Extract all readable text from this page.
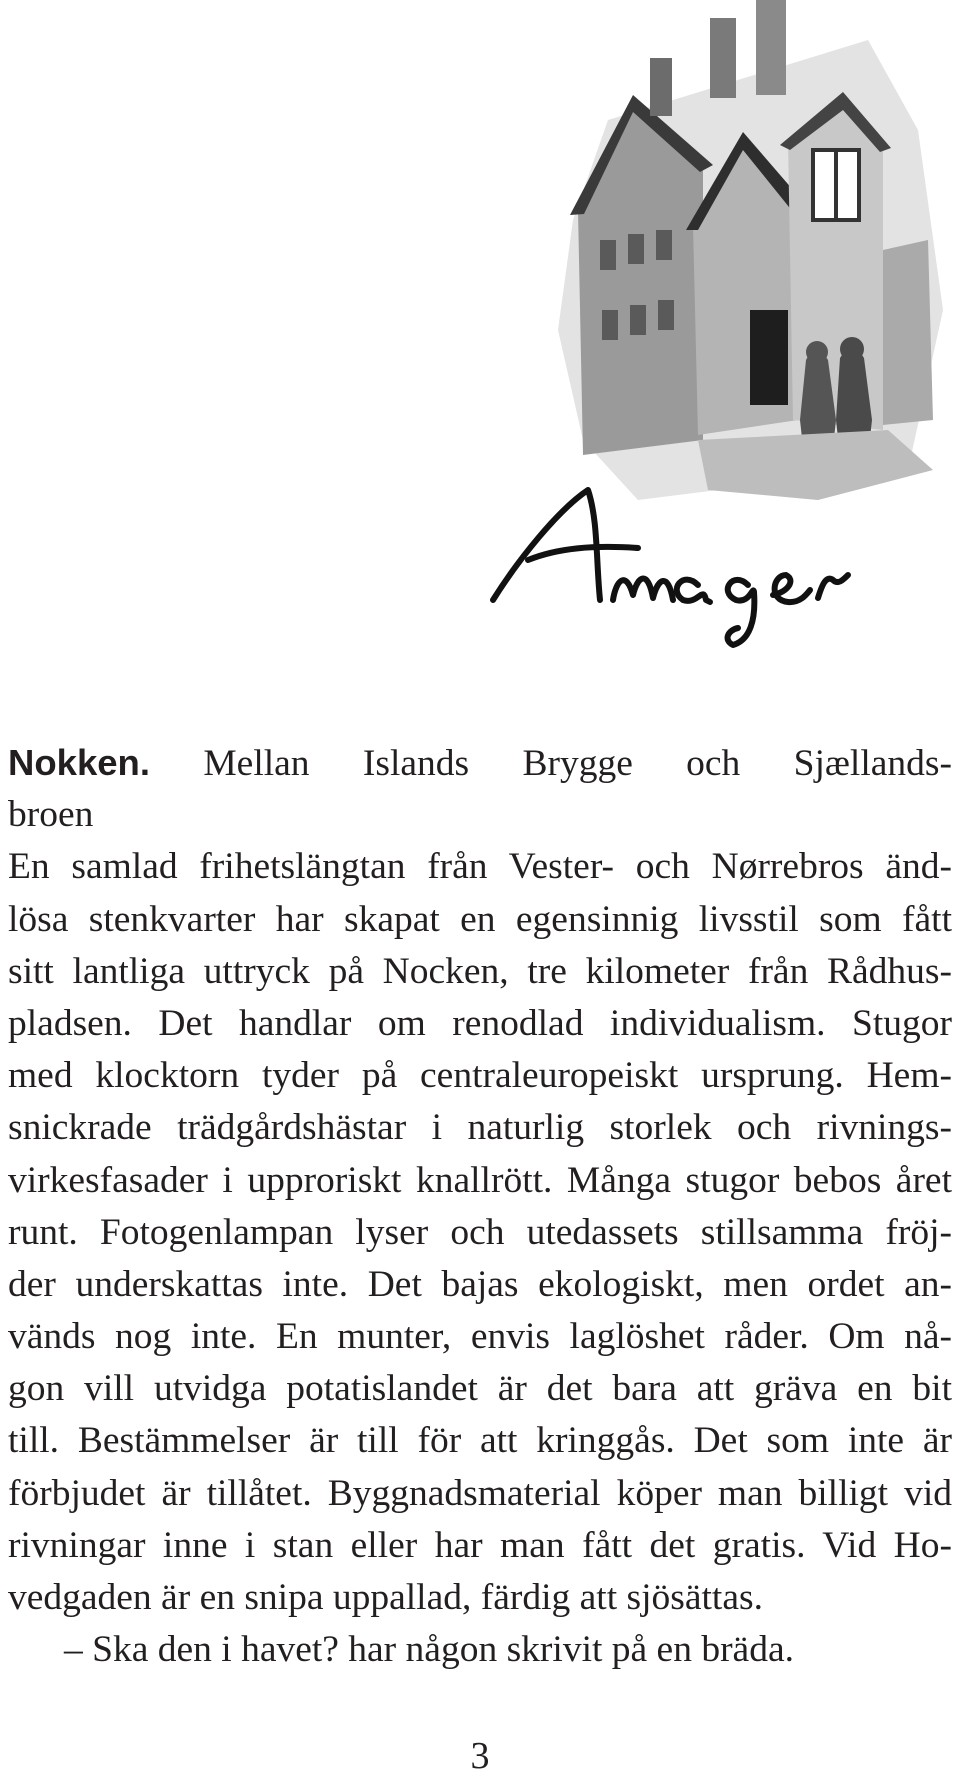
Nokken. Mellan Islands Brygge och Sjællands-
broen
En samlad frihetslängtan från Vester- och Nørrebros änd-
lösa stenkvarter har skapat en egensinnig livsstil som fått
sitt lantliga uttryck på Nocken, tre kilometer från Rådhus-
pladsen. Det handlar om renodlad individualism. Stugor
med klocktorn tyder på centraleuropeiskt ursprung. Hem-
snickrade trädgårdshästar i naturlig storlek och rivnings-
virkesfasader i upproriskt knallrött. Många stugor bebos året
runt. Fotogenlampan lyser och utedassets stillsamma fröj-
der underskattas inte. Det bajas ekologiskt, men ordet an-
vänds nog inte. En munter, envis laglöshet råder. Om nå-
gon vill utvidga potatislandet är det bara att gräva en bit
till. Bestämmelser är till för att kringgås. Det som inte är
förbjudet är tillåtet. Byggnadsmaterial köper man billigt vid
rivningar inne i stan eller har man fått det gratis. Vid Ho-
vedgaden är en snipa uppallad, färdig att sjösättas.
– Ska den i havet? har någon skrivit på en bräda.
3
